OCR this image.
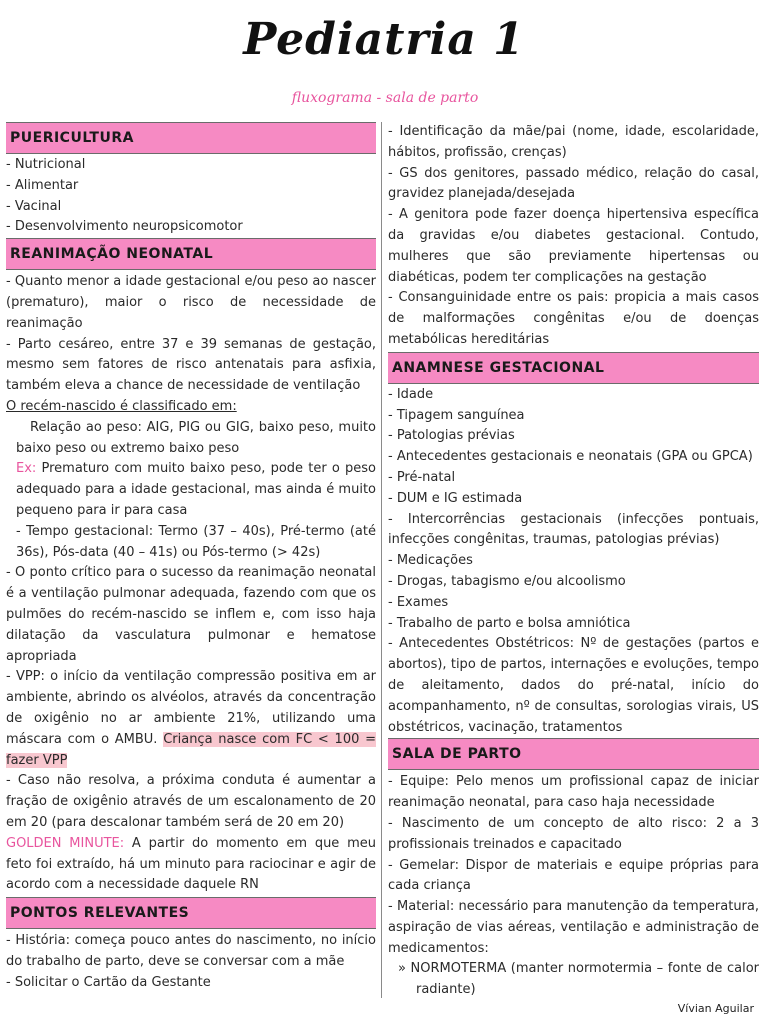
Pediatria 1
fluxograma - sala de parto
PUERICULTURA

- Nutricional

- Alimentar

- Vacinal

- Desenvolvimento neuropsicomotor

REANIMAÇÃO NEONATAL

- Quanto menor a idade gestacional e/ou peso ao nascer (prematuro), maior o risco de necessidade de reanimação

- Parto cesáreo, entre 37 e 39 semanas de gestação, mesmo sem fatores de risco antenatais para asfixia, também eleva a chance de necessidade de ventilação

O recém-nascido é classificado em:

Relação ao peso: AIG, PIG ou GIG, baixo peso, muito baixo peso ou extremo baixo peso

Ex: Prematuro com muito baixo peso, pode ter o peso adequado para a idade gestacional, mas ainda é muito pequeno para ir para casa

- Tempo gestacional: Termo (37 – 40s), Pré-termo (até 36s), Pós-data (40 – 41s) ou Pós-termo (> 42s)

- O ponto crítico para o sucesso da reanimação neonatal é a ventilação pulmonar adequada, fazendo com que os pulmões do recém-nascido se inflem e, com isso haja dilatação da vasculatura pulmonar e hematose apropriada

- VPP: o início da ventilação compressão positiva em ar ambiente, abrindo os alvéolos, através da concentração de oxigênio no ar ambiente 21%, utilizando uma máscara com o AMBU. Criança nasce com FC < 100 = fazer VPP

- Caso não resolva, a próxima conduta é aumentar a fração de oxigênio através de um escalonamento de 20 em 20 (para descalonar também será de 20 em 20)

GOLDEN MINUTE: A partir do momento em que meu feto foi extraído, há um minuto para raciocinar e agir de acordo com a necessidade daquele RN

PONTOS RELEVANTES

- História: começa pouco antes do nascimento, no início do trabalho de parto, deve se conversar com a mãe

- Solicitar o Cartão da Gestante

- Identificação da mãe/pai (nome, idade, escolaridade, hábitos, profissão, crenças)

- GS dos genitores, passado médico, relação do casal, gravidez planejada/desejada

- A genitora pode fazer doença hipertensiva específica da gravidas e/ou diabetes gestacional. Contudo, mulheres que são previamente hipertensas ou diabéticas, podem ter complicações na gestação

- Consanguinidade entre os pais: propicia a mais casos de malformações congênitas e/ou de doenças metabólicas hereditárias

ANAMNESE GESTACIONAL

- Idade

- Tipagem sanguínea

- Patologias prévias

- Antecedentes gestacionais e neonatais (GPA ou GPCA)

- Pré-natal

- DUM e IG estimada

- Intercorrências gestacionais (infecções pontuais, infecções congênitas, traumas, patologias prévias)

- Medicações

- Drogas, tabagismo e/ou alcoolismo

- Exames

- Trabalho de parto e bolsa amniótica

- Antecedentes Obstétricos: Nº de gestações (partos e abortos), tipo de partos, internações e evoluções, tempo de aleitamento, dados do pré-natal, início do acompanhamento, nº de consultas, sorologias virais, US obstétricos, vacinação, tratamentos

SALA DE PARTO

- Equipe: Pelo menos um profissional capaz de iniciar reanimação neonatal, para caso haja necessidade

- Nascimento de um concepto de alto risco: 2 a 3 profissionais treinados e capacitado

- Gemelar: Dispor de materiais e equipe próprias para cada criança

- Material: necessário para manutenção da temperatura, aspiração de vias aéreas, ventilação e administração de medicamentos:

» NORMOTERMA (manter normotermia – fonte de calor radiante)

Vívian Aguilar
